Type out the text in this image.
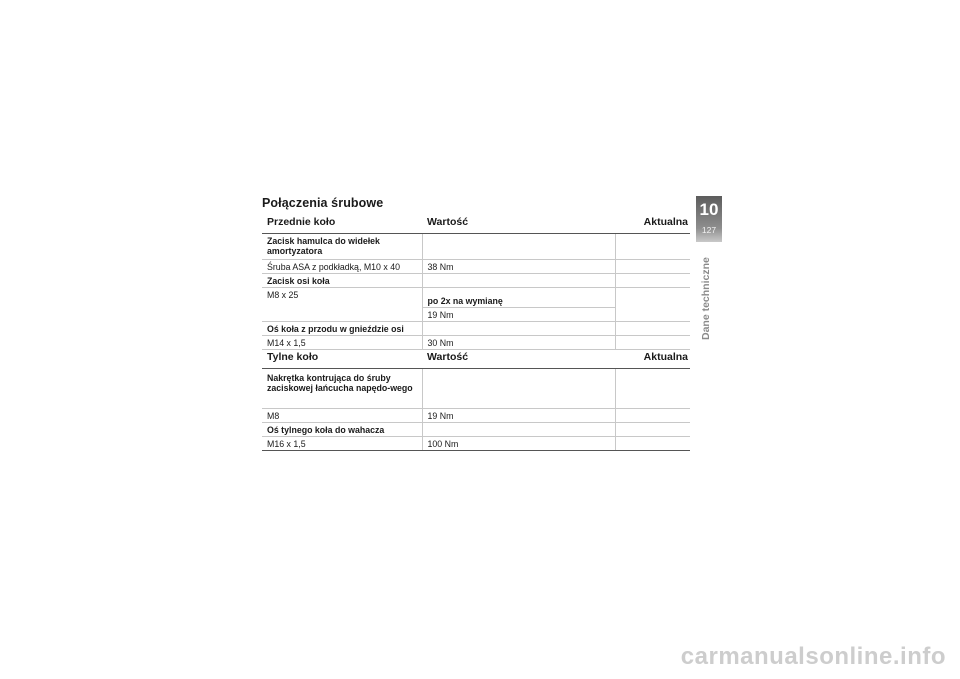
Połączenia śrubowe
Przednie koło	Wartość	Aktualna
Zacisk hamulca do widełek amortyzatora		
Śruba ASA z podkładką, M10 x 40	38 Nm	
Zacisk osi koła		
M8 x 25	po 2x na wymianę	
	19 Nm	
Oś koła z przodu w gnieździe osi		
M14 x 1,5	30 Nm	
Tylne koło	Wartość	Aktualna
Nakrętka kontrująca do śruby zaciskowej łańcucha napędo-wego		
M8	19 Nm	
Oś tylnego koła do wahacza		
M16 x 1,5	100 Nm	
10
127
Dane techniczne
carmanualsonline.info
